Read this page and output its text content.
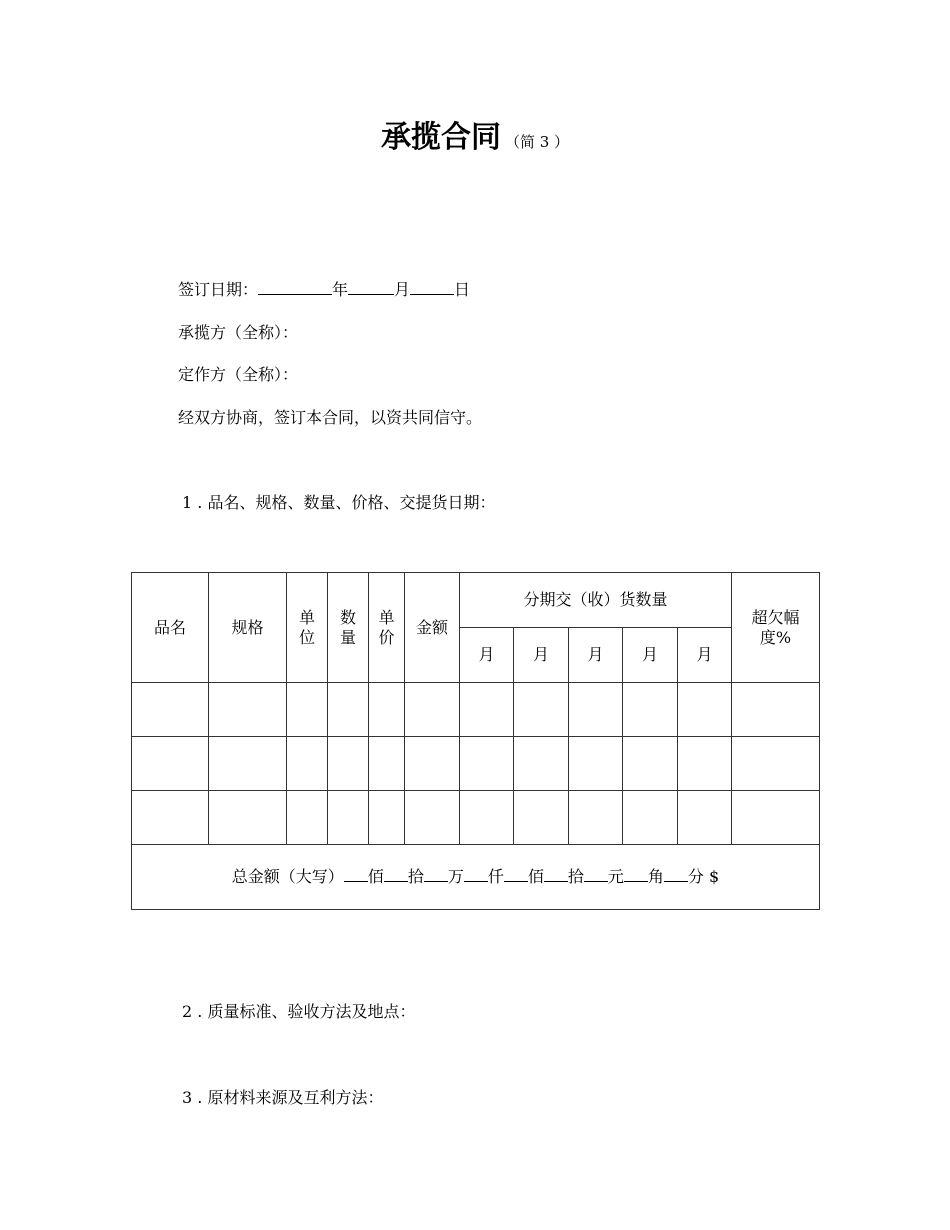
承揽合同 （简 3 ）
签订日期：	年	月	日
承揽方（全称）：
定作方（全称）：
经双方协商，签订本合同，以资共同信守。
1 . 品名、规格、数量、价格、交提货日期：
品名	规格	单位	数量	单价	金额	分期交（收）货数量					超欠幅度%
						月	月	月	月	月	

总金额（大写） 佰 拾 万 仟 佰 拾 元 角 分 $											
2 . 质量标准、验收方法及地点：
3 . 原材料来源及互利方法：
